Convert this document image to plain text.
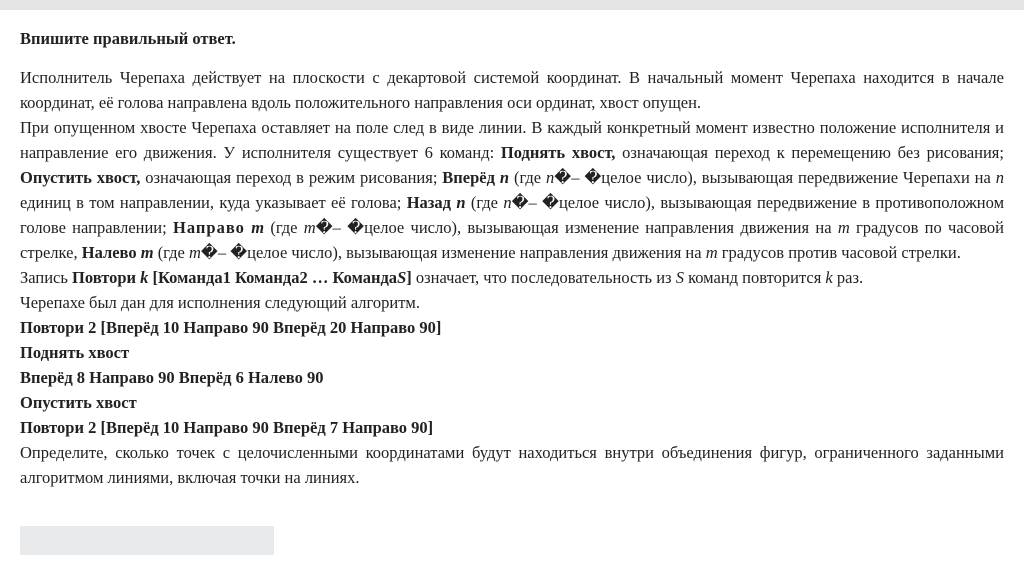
Впишите правильный ответ.
Исполнитель Черепаха действует на плоскости с декартовой системой координат. В начальный момент Черепаха находится в начале координат, её голова направлена вдоль положительного направления оси ординат, хвост опущен.
При опущенном хвосте Черепаха оставляет на поле след в виде линии. В каждый конкретный момент известно положение исполнителя и направление его движения. У исполнителя существует 6 команд: Поднять хвост, означающая переход к перемещению без рисования; Опустить хвост, означающая переход в режим рисования; Вперёд n (где n�– �целое число), вызывающая передвижение Черепахи на n единиц в том направлении, куда указывает её голова; Назад n (где n�– �целое число), вызывающая передвижение в противоположном голове направлении; Направо m (где m�– �целое число), вызывающая изменение направления движения на m градусов по часовой стрелке, Налево m (где m�– �целое число), вызывающая изменение направления движения на m градусов против часовой стрелки.
Запись Повтори k [Команда1 Команда2 … КомандаS] означает, что последовательность из S команд повторится k раз.
Черепахе был дан для исполнения следующий алгоритм.
Повтори 2 [Вперёд 10 Направо 90 Вперёд 20 Направо 90]
Поднять хвост
Вперёд 8 Направо 90 Вперёд 6 Налево 90
Опустить хвост
Повтори 2 [Вперёд 10 Направо 90 Вперёд 7 Направо 90]
Определите, сколько точек с целочисленными координатами будут находиться внутри объединения фигур, ограниченного заданными алгоритмом линиями, включая точки на линиях.
